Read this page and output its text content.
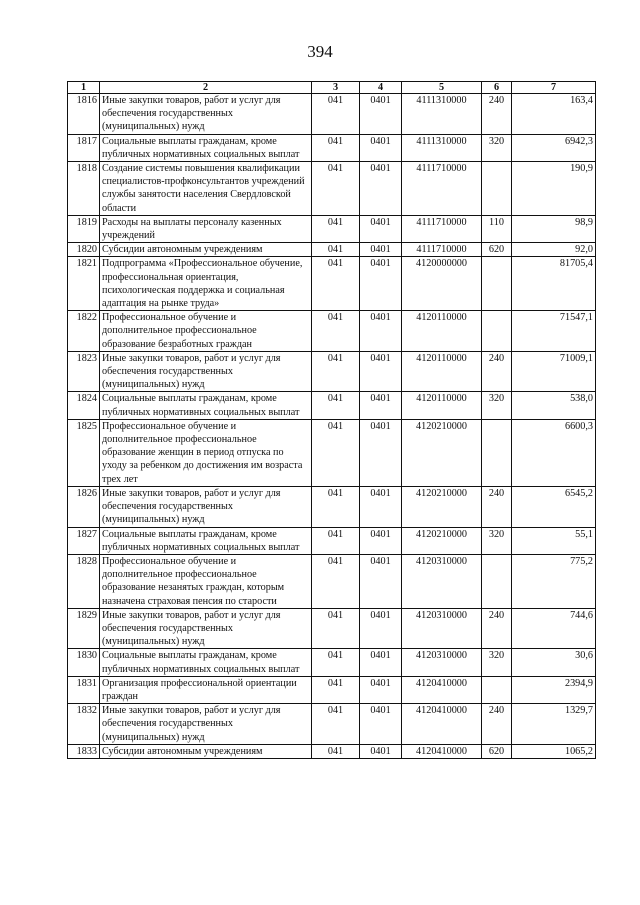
394
1	2	3	4	5	6	7
1816	Иные закупки товаров, работ и услуг для обеспечения государственных (муниципальных) нужд	041	0401	4111310000	240	163,4
1817	Социальные выплаты гражданам, кроме публичных нормативных социальных выплат	041	0401	4111310000	320	6942,3
1818	Создание системы повышения квалификации специалистов-профконсультантов учреждений службы занятости населения Свердловской области	041	0401	4111710000		190,9
1819	Расходы на выплаты персоналу казенных учреждений	041	0401	4111710000	110	98,9
1820	Субсидии автономным учреждениям	041	0401	4111710000	620	92,0
1821	Подпрограмма «Профессиональное обучение, профессиональная ориентация, психологическая поддержка и социальная адаптация на рынке труда»	041	0401	4120000000		81705,4
1822	Профессиональное обучение и дополнительное профессиональное образование безработных граждан	041	0401	4120110000		71547,1
1823	Иные закупки товаров, работ и услуг для обеспечения государственных (муниципальных) нужд	041	0401	4120110000	240	71009,1
1824	Социальные выплаты гражданам, кроме публичных нормативных социальных выплат	041	0401	4120110000	320	538,0
1825	Профессиональное обучение и дополнительное профессиональное образование женщин в период отпуска по уходу за ребенком до достижения им возраста трех лет	041	0401	4120210000		6600,3
1826	Иные закупки товаров, работ и услуг для обеспечения государственных (муниципальных) нужд	041	0401	4120210000	240	6545,2
1827	Социальные выплаты гражданам, кроме публичных нормативных социальных выплат	041	0401	4120210000	320	55,1
1828	Профессиональное обучение и дополнительное профессиональное образование незанятых граждан, которым назначена страховая пенсия по старости	041	0401	4120310000		775,2
1829	Иные закупки товаров, работ и услуг для обеспечения государственных (муниципальных) нужд	041	0401	4120310000	240	744,6
1830	Социальные выплаты гражданам, кроме публичных нормативных социальных выплат	041	0401	4120310000	320	30,6
1831	Организация профессиональной ориентации граждан	041	0401	4120410000		2394,9
1832	Иные закупки товаров, работ и услуг для обеспечения государственных (муниципальных) нужд	041	0401	4120410000	240	1329,7
1833	Субсидии автономным учреждениям	041	0401	4120410000	620	1065,2
